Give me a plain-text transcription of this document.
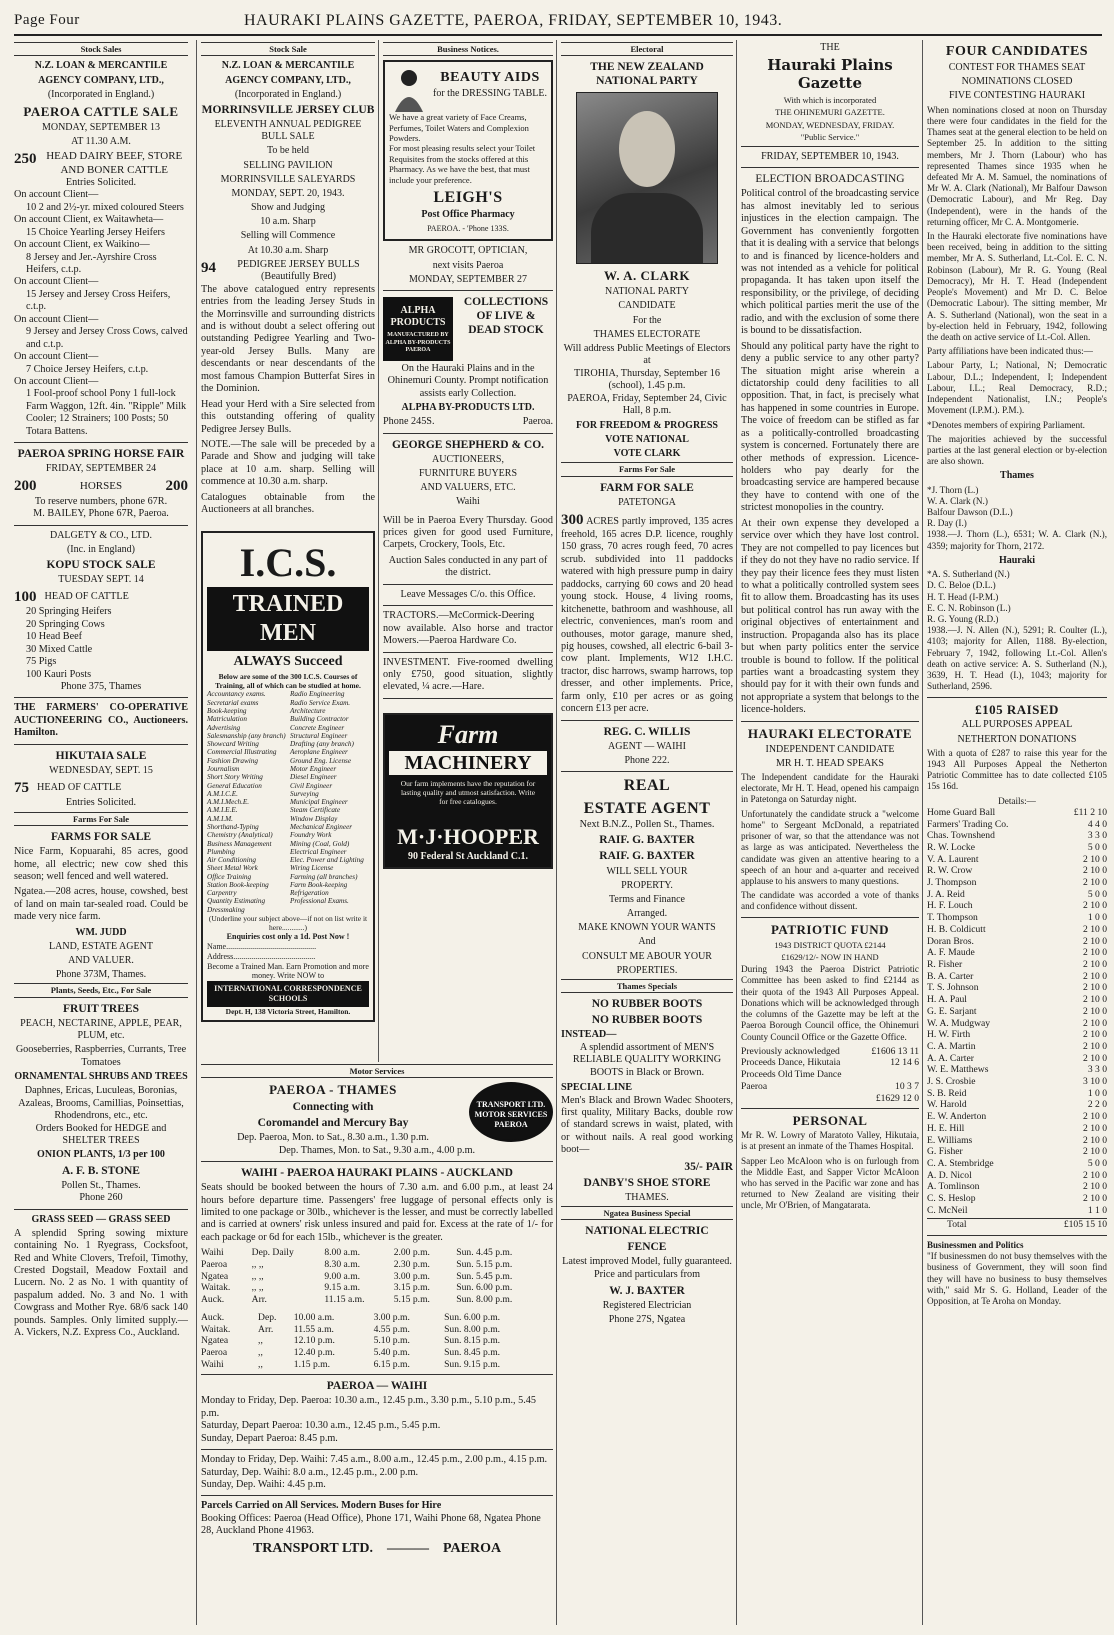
Page Four	HAURAKI PLAINS GAZETTE, PAEROA, FRIDAY, SEPTEMBER 10, 1943.
Stock Sales
N.Z. LOAN & MERCANTILE
AGENCY COMPANY, LTD.,
(Incorporated in England.)
PAEROA CATTLE SALE
MONDAY, SEPTEMBER 13
AT 11.30 A.M.
250 HEAD DAIRY BEEF, STORE AND BONER CATTLE
Entries Solicited.
On account Client—
10 2 and 2½-yr. mixed coloured Steers
On account Client, ex Waitawheta—
15 Choice Yearling Jersey Heifers
On account Client, ex Waikino—
8 Jersey and Jer.-Ayrshire Cross Heifers, c.t.p.
On account Client—
15 Jersey and Jersey Cross Heifers, c.t.p.
On account Client—
9 Jersey and Jersey Cross Cows, calved and c.t.p.
On account Client—
7 Choice Jersey Heifers, c.t.p.
On account Client—
1 Fool-proof school Pony 1 full-lock Farm Waggon, 12ft. 4in. "Ripple" Milk Cooler; 12 Strainers; 100 Posts; 50 Totara Battens.
PAEROA SPRING HORSE FAIR
FRIDAY, SEPTEMBER 24
200	HORSES	200
To reserve numbers, phone 67R.
M. BAILEY, Phone 67R, Paeroa.
DALGETY & CO., LTD.
(Inc. in England)
KOPU STOCK SALE
TUESDAY SEPT. 14
100 HEAD OF CATTLE
20 Springing Heifers
20 Springing Cows
10 Head Beef
30 Mixed Cattle
75 Pigs
100 Kauri Posts
Phone 375, Thames
THE FARMERS' CO-OPERATIVE AUCTIONEERING CO., Auctioneers. Hamilton.
HIKUTAIA SALE
WEDNESDAY, SEPT. 15
75 HEAD OF CATTLE
Entries Solicited.
Farms For Sale
FARMS FOR SALE
Nice Farm, Kopuarahi, 85 acres, good home, all electric; new cow shed this season; well fenced and well watered.
Ngatea.—208 acres, house, cowshed, best of land on main tar-sealed road. Could be made very nice farm.
WM. JUDD
LAND, ESTATE AGENT
AND VALUER.
Phone 373M, Thames.
Plants, Seeds, Etc., For Sale
FRUIT TREES
PEACH, NECTARINE, APPLE, PEAR, PLUM, etc.
Gooseberries, Raspberries, Currants, Tree Tomatoes
ORNAMENTAL SHRUBS AND TREES
Daphnes, Ericas, Luculeas, Boronias, Azaleas, Brooms, Camillias, Poinsettias, Rhodendrons, etc., etc.
Orders Booked for HEDGE and SHELTER TREES
ONION PLANTS, 1/3 per 100
A. F. B. STONE
Pollen St., Thames.
Phone 260
GRASS SEED — GRASS SEED
A splendid Spring sowing mixture containing No. 1 Ryegrass, Cocksfoot, Red and White Clovers, Trefoil, Timothy, Crested Dogstail, Meadow Foxtail and Lucern. No. 2 as No. 1 with quantity of paspalum added. No. 3 and No. 1 with Cowgrass and Mother Rye. 68/6 sack 140 pounds. Samples. Only limited supply.—A. Vickers, N.Z. Express Co., Auckland.
Stock Sale
N.Z. LOAN & MERCANTILE
AGENCY COMPANY, LTD.,
(Incorporated in England.)
MORRINSVILLE JERSEY CLUB
ELEVENTH ANNUAL PEDIGREE BULL SALE
To be held
SELLING PAVILION
MORRINSVILLE SALEYARDS
MONDAY, SEPT. 20, 1943.
Show and Judging
10 a.m. Sharp
Selling will Commence
At 10.30 a.m. Sharp
94	PEDIGREE JERSEY BULLS (Beautifully Bred)
The above catalogued entry represents entries from the leading Jersey Studs in the Morrinsville and surrounding districts and is without doubt a select offering out outstanding Pedigree Yearling and Two-year-old Jersey Bulls. Many are descendants or near descendants of the most famous Champion Butterfat Sires in the Dominion.
Head your Herd with a Sire selected from this outstanding offering of quality Pedigree Jersey Bulls.
NOTE.—The sale will be preceded by a Parade and Show and judging will take place at 10 a.m. sharp. Selling will commence at 10.30 a.m. sharp.
Catalogues obtainable from the Auctioneers at all branches.
I.C.S.
TRAINED MEN
ALWAYS Succeed
Below are some of the 300 I.C.S. Courses of Training, all of which can be studied at home.
Accountancy exams.
Secretarial exams
Book-keeping
Matriculation
Advertising
Salesmanship (any branch)
Showcard Writing
Commercial Illustrating
Fashion Drawing
Journalism
Short Story Writing
General Education
A.M.I.C.E.
A.M.I.Mech.E.
A.M.I.E.E.
A.M.I.M.
Shorthand-Typing
Chemistry (Analytical)
Business Management
Plumbing
Air Conditioning
Sheet Metal Work
Office Training
Station Book-keeping
Carpentry
Quantity Estimating
Dressmaking
Radio Engineering
Radio Service Exam.
Architecture
Building Contractor
Concrete Engineer
Structural Engineer
Drafting (any branch)
Aeroplane Engineer
Ground Eng. License
Motor Engineer
Diesel Engineer
Civil Engineer
Surveying
Municipal Engineer
Steam Certificate
Window Display
Mechanical Engineer
Foundry Work
Mining (Coal, Gold)
Electrical Engineer
Elec. Power and Lighting
Wiring License
Farming (all branches)
Farm Book-keeping
Refrigeration
Professional Exams.
(Underline your subject above—if not on list write it here............)
Enquiries cost only a 1d. Post Now !
Name.............................................
Address.........................................
Become a Trained Man. Earn Promotion and more money. Write NOW to
INTERNATIONAL CORRESPONDENCE SCHOOLS
Dept. H, 138 Victoria Street, Hamilton.
Business Notices.
BEAUTY AIDS
for the DRESSING TABLE.
We have a great variety of Face Creams, Perfumes, Toilet Waters and Complexion Powders.
For most pleasing results select your Toilet Requisites from the stocks offered at this Pharmacy. As we have the best, that must include your preference.
LEIGH'S
Post Office Pharmacy
PAEROA. - 'Phone 133S.
MR GROCOTT, OPTICIAN,
next visits Paeroa
MONDAY, SEPTEMBER 27
ALPHA PRODUCTS
MANUFACTURED BY ALPHA BY-PRODUCTS PAEROA
COLLECTIONS OF LIVE & DEAD STOCK
On the Hauraki Plains and in the Ohinemuri County. Prompt notification assists early Collection.
ALPHA BY-PRODUCTS LTD.
Phone 245S.	Paeroa.
GEORGE SHEPHERD & CO.
AUCTIONEERS,
FURNITURE BUYERS
AND VALUERS, ETC.
Waihi
Will be in Paeroa Every Thursday. Good prices given for good used Furniture, Carpets, Crockery, Tools, Etc.
Auction Sales conducted in any part of the district.
Leave Messages C/o. this Office.
TRACTORS.—McCormick-Deering now available. Also horse and tractor Mowers.—Paeroa Hardware Co.
INVESTMENT. Five-roomed dwelling only £750, good situation, slightly elevated, ¼ acre.—Hare.
Farm
MACHINERY
Our farm implements have the reputation for lasting quality and utmost satisfaction. Write for free catalogues.
M·J·HOOPER
90 Federal St Auckland C.1.
Motor Services
TRANSPORT LTD. MOTOR SERVICES PAEROA
PAEROA - THAMES
Connecting with
Coromandel and Mercury Bay
Dep. Paeroa, Mon. to Sat., 8.30 a.m., 1.30 p.m.
Dep. Thames, Mon. to Sat., 9.30 a.m., 4.00 p.m.
WAIHI - PAEROA HAURAKI PLAINS - AUCKLAND
Seats should be booked between the hours of 7.30 a.m. and 6.00 p.m., at least 24 hours before departure time. Passengers' free luggage of personal effects only is limited to one package or 30lb., whichever is the lesser, and must be correctly labelled and is carried at owners' risk unless insured and paid for. Excess at the rate of 1/- for each package or 6d for each 15lb., whichever is the greater.
Waihi	Dep. Daily	8.00 a.m.	2.00 p.m.	Sun. 4.45 p.m.
Paeroa	,, ,,	8.30 a.m.	2.30 p.m.	Sun. 5.15 p.m.
Ngatea	,, ,,	9.00 a.m.	3.00 p.m.	Sun. 5.45 p.m.
Waitak.	,, ,,	9.15 a.m.	3.15 p.m.	Sun. 6.00 p.m.
Auck.	Arr.	11.15 a.m.	5.15 p.m.	Sun. 8.00 p.m.
Auck.	Dep.	10.00 a.m.	3.00 p.m.	Sun. 6.00 p.m.
Waitak.	Arr.	11.55 a.m.	4.55 p.m.	Sun. 8.00 p.m.
Ngatea	,,	12.10 p.m.	5.10 p.m.	Sun. 8.15 p.m.
Paeroa	,,	12.40 p.m.	5.40 p.m.	Sun. 8.45 p.m.
Waihi	,,	1.15 p.m.	6.15 p.m.	Sun. 9.15 p.m.
PAEROA — WAIHI
Monday to Friday, Dep. Paeroa: 10.30 a.m., 12.45 p.m., 3.30 p.m., 5.10 p.m., 5.45 p.m.
Saturday, Depart Paeroa: 10.30 a.m., 12.45 p.m., 5.45 p.m.
Sunday, Depart Paeroa: 8.45 p.m.
Monday to Friday, Dep. Waihi: 7.45 a.m., 8.00 a.m., 12.45 p.m., 2.00 p.m., 4.15 p.m.
Saturday, Dep. Waihi: 8.0 a.m., 12.45 p.m., 2.00 p.m.
Sunday, Dep. Waihi: 4.45 p.m.
Parcels Carried on All Services. Modern Buses for Hire
Booking Offices: Paeroa (Head Office), Phone 171, Waihi Phone 68, Ngatea Phone 28, Auckland Phone 41963.
TRANSPORT LTD. ——— PAEROA
Electoral
THE NEW ZEALAND NATIONAL PARTY
W. A. CLARK
NATIONAL PARTY
CANDIDATE
For the
THAMES ELECTORATE
Will address Public Meetings of Electors at
TIROHIA, Thursday, September 16 (school), 1.45 p.m.
PAEROA, Friday, September 24, Civic Hall, 8 p.m.
FOR FREEDOM & PROGRESS
VOTE NATIONAL
VOTE CLARK
Farms For Sale
FARM FOR SALE
PATETONGA
300 ACRES partly improved, 135 acres freehold, 165 acres D.P. licence, roughly 150 grass, 70 acres rough feed, 70 acres scrub. subdivided into 11 paddocks watered with high pressure pump in dairy paddocks, carrying 60 cows and 20 head young stock. House, 4 living rooms, kitchenette, bathroom and washhouse, all electric, conveniences, man's room and outhouses, motor garage, manure shed, pig houses, cowshed, all electric 6-bail 3-cow plant. Implements, W12 I.H.C. tractor, disc harrows, swamp harrows, top dresser, and other implements. Price, farm only, £10 per acres or as going concern £13 per acre.
REG. C. WILLIS
AGENT — WAIHI
Phone 222.
REAL
ESTATE AGENT
Next B.N.Z., Pollen St., Thames.
RAIF. G. BAXTER
RAIF. G. BAXTER
WILL SELL YOUR
PROPERTY.
Terms and Finance
Arranged.
MAKE KNOWN YOUR WANTS
And
CONSULT ME ABOUR YOUR
PROPERTIES.
Thames Specials
NO RUBBER BOOTS
NO RUBBER BOOTS
INSTEAD—
A splendid assortment of MEN'S RELIABLE QUALITY WORKING BOOTS in Black or Brown.
SPECIAL LINE
Men's Black and Brown Wadec Shooters, first quality, Military Backs, double row of standard screws in waist, plated, with or without nails. A real good working boot—
35/- PAIR
DANBY'S SHOE STORE
THAMES.
Ngatea Business Special
NATIONAL ELECTRIC
FENCE
Latest improved Model, fully guaranteed. Price and particulars from
W. J. BAXTER
Registered Electrician
Phone 27S, Ngatea
THE
Hauraki Plains Gazette
With which is incorporated
THE OHINEMURI GAZETTE.
MONDAY, WEDNESDAY, FRIDAY.
"Public Service."
FRIDAY, SEPTEMBER 10, 1943.
ELECTION BROADCASTING
Political control of the broadcasting service has almost inevitably led to serious injustices in the election campaign. The Government has conveniently forgotten that it is dealing with a service that belongs to and is financed by licence-holders and was not intended as a vehicle for political propaganda. It has taken upon itself the responsibility, or the privilege, of deciding which political parties merit the use of the radio, and with the exclusion of some there is bound to be dissatisfaction.
Should any political party have the right to deny a public service to any other party? The situation might arise wherein a dictatorship could deny facilities to all opposition. That, in fact, is precisely what has happened in some countries in Europe. The voice of freedom can be stifled as far as a politically-controlled broadcasting system is concerned. Fortunately there are other methods of expression. Licence-holders who pay dearly for the broadcasting service are hampered because they have to contend with one of the strictest monopolies in the country.
At their own expense they developed a service over which they have lost control. They are not compelled to pay licences but if they do not they have no radio service. If they pay their licence fees they must listen to what a politically controlled system sees fit to allow them. Broadcasting has its uses but political control has run away with the original objectives of entertainment and instruction. Propaganda also has its place but when party politics enter the service trouble is bound to follow. If the political parties want a broadcasting system they should pay for it with their own funds and not appropriate a system that belongs to the licence-holders.
HAURAKI ELECTORATE
INDEPENDENT CANDIDATE
MR H. T. HEAD SPEAKS
The Independent candidate for the Hauraki electorate, Mr H. T. Head, opened his campaign in Patetonga on Saturday night.
Unfortunately the candidate struck a "welcome home" to Sergeant McDonald, a repatriated prisoner of war, so that the attendance was not as large as was anticipated. Nevertheless the candidate was given an attentive hearing to a speech of an hour and a-quarter and received applause to his answers to many questions.
The candidate was accorded a vote of thanks and confidence without dissent.
PATRIOTIC FUND
1943 DISTRICT QUOTA £2144
£1629/12/- NOW IN HAND
During 1943 the Paeroa District Patriotic Committee has been asked to find £2144 as their quota of the 1943 All Purposes Appeal. Donations which will be acknowledged through the columns of the Gazette may be left at the Paeroa Borough Council office, the Ohinemuri County Council Office or the Gazette Office.
Previously acknowledged	£1606 13 11
Proceeds Dance, Hikutaia	12 14 6
Proceeds Old Time Dance	
Paeroa	10 3 7
£1629 12 0
PERSONAL
Mr R. W. Lowry of Maratoto Valley, Hikutaia, is at present an inmate of the Thames Hospital.
Sapper Leo McAloon who is on furlough from the Middle East, and Sapper Victor McAloon who has served in the Pacific war zone and has returned to New Zealand are visiting their uncle, Mr O'Brien, of Mangatarata.
FOUR CANDIDATES
CONTEST FOR THAMES SEAT
NOMINATIONS CLOSED
FIVE CONTESTING HAURAKI
When nominations closed at noon on Thursday there were four candidates in the field for the Thames seat at the general election to be held on September 25. In addition to the sitting members, Mr J. Thorn (Labour) who has represented Thames since 1935 when he defeated Mr A. M. Samuel, the nominations of Mr W. A. Clark (National), Mr Balfour Dawson (Democratic Labour), and Mr Reg. Day (Independent), were in the hands of the returning officer, Mr C. A. Montgomerie.
In the Hauraki electorate five nominations have been received, being in addition to the sitting member, Mr A. S. Sutherland, Lt.-Col. E. C. N. Robinson (Labour), Mr R. G. Young (Real Democracy), Mr H. T. Head (Independent People's Movement) and Mr D. C. Beloe (Democratic Labour). The sitting member, Mr A. S. Sutherland (National), won the seat in a by-election held in February, 1942, following the death on active service of Lt.-Col. Allen.
Party affiliations have been indicated thus:—
Labour Party, L; National, N; Democratic Labour, D.L.; Independent, I; Independent Labour, I.L.; Real Democracy, R.D.; Independent Nationalist, I.N.; People's Movement (I.P.M.). P.M.).
*Denotes members of expiring Parliament.
The majorities achieved by the successful parties at the last general election or by-election are also shown.
Thames
*J. Thorn (L.)
W. A. Clark (N.)
Balfour Dawson (D.L.)
R. Day (I.)
1938.—J. Thorn (L.), 6531; W. A. Clark (N.), 4359; majority for Thorn, 2172.
Hauraki
*A. S. Sutherland (N.)
D. C. Beloe (D.L.)
H. T. Head (I-P.M.)
E. C. N. Robinson (L.)
R. G. Young (R.D.)
1938.—J. N. Allen (N.), 5291; R. Coulter (L.), 4103; majority for Allen, 1188. By-election, February 7, 1942, following Lt.-Col. Allen's death on active service: A. S. Sutherland (N.), 3639, H. T. Head (I.), 1043; majority for Sutherland, 2596.
£105 RAISED
ALL PURPOSES APPEAL
NETHERTON DONATIONS
With a quota of £287 to raise this year for the 1943 All Purposes Appeal the Netherton Patriotic Committee has to date collected £105 15s 16d.
Details:—
Home Guard Ball	£11 2 10
Farmers' Trading Co.	4 4 0
Chas. Townshend	3 3 0
R. W. Locke	5 0 0
V. A. Laurent	2 10 0
R. W. Crow	2 10 0
J. Thompson	2 10 0
J. A. Reid	5 0 0
H. F. Louch	2 10 0
T. Thompson	1 0 0
H. B. Coldicutt	2 10 0
Doran Bros.	2 10 0
A. F. Maude	2 10 0
R. Fisher	2 10 0
B. A. Carter	2 10 0
T. S. Johnson	2 10 0
H. A. Paul	2 10 0
G. E. Sarjant	2 10 0
W. A. Mudgway	2 10 0
H. W. Firth	2 10 0
C. A. Martin	2 10 0
A. A. Carter	2 10 0
W. E. Matthews	3 3 0
J. S. Crosbie	3 10 0
S. B. Reid	1 0 0
W. Harold	2 2 0
E. W. Anderton	2 10 0
H. E. Hill	2 10 0
E. Williams	2 10 0
G. Fisher	2 10 0
C. A. Stembridge	5 0 0
A. D. Nicol	2 10 0
A. Tomlinson	2 10 0
C. S. Heslop	2 10 0
C. McNeil	1 1 0
Total	£105 15 10
Businessmen and Politics
"If businessmen do not busy themselves with the business of Government, they will soon find they will have no business to busy themselves with," said Mr S. G. Holland, Leader of the Opposition, at Te Aroha on Monday.
